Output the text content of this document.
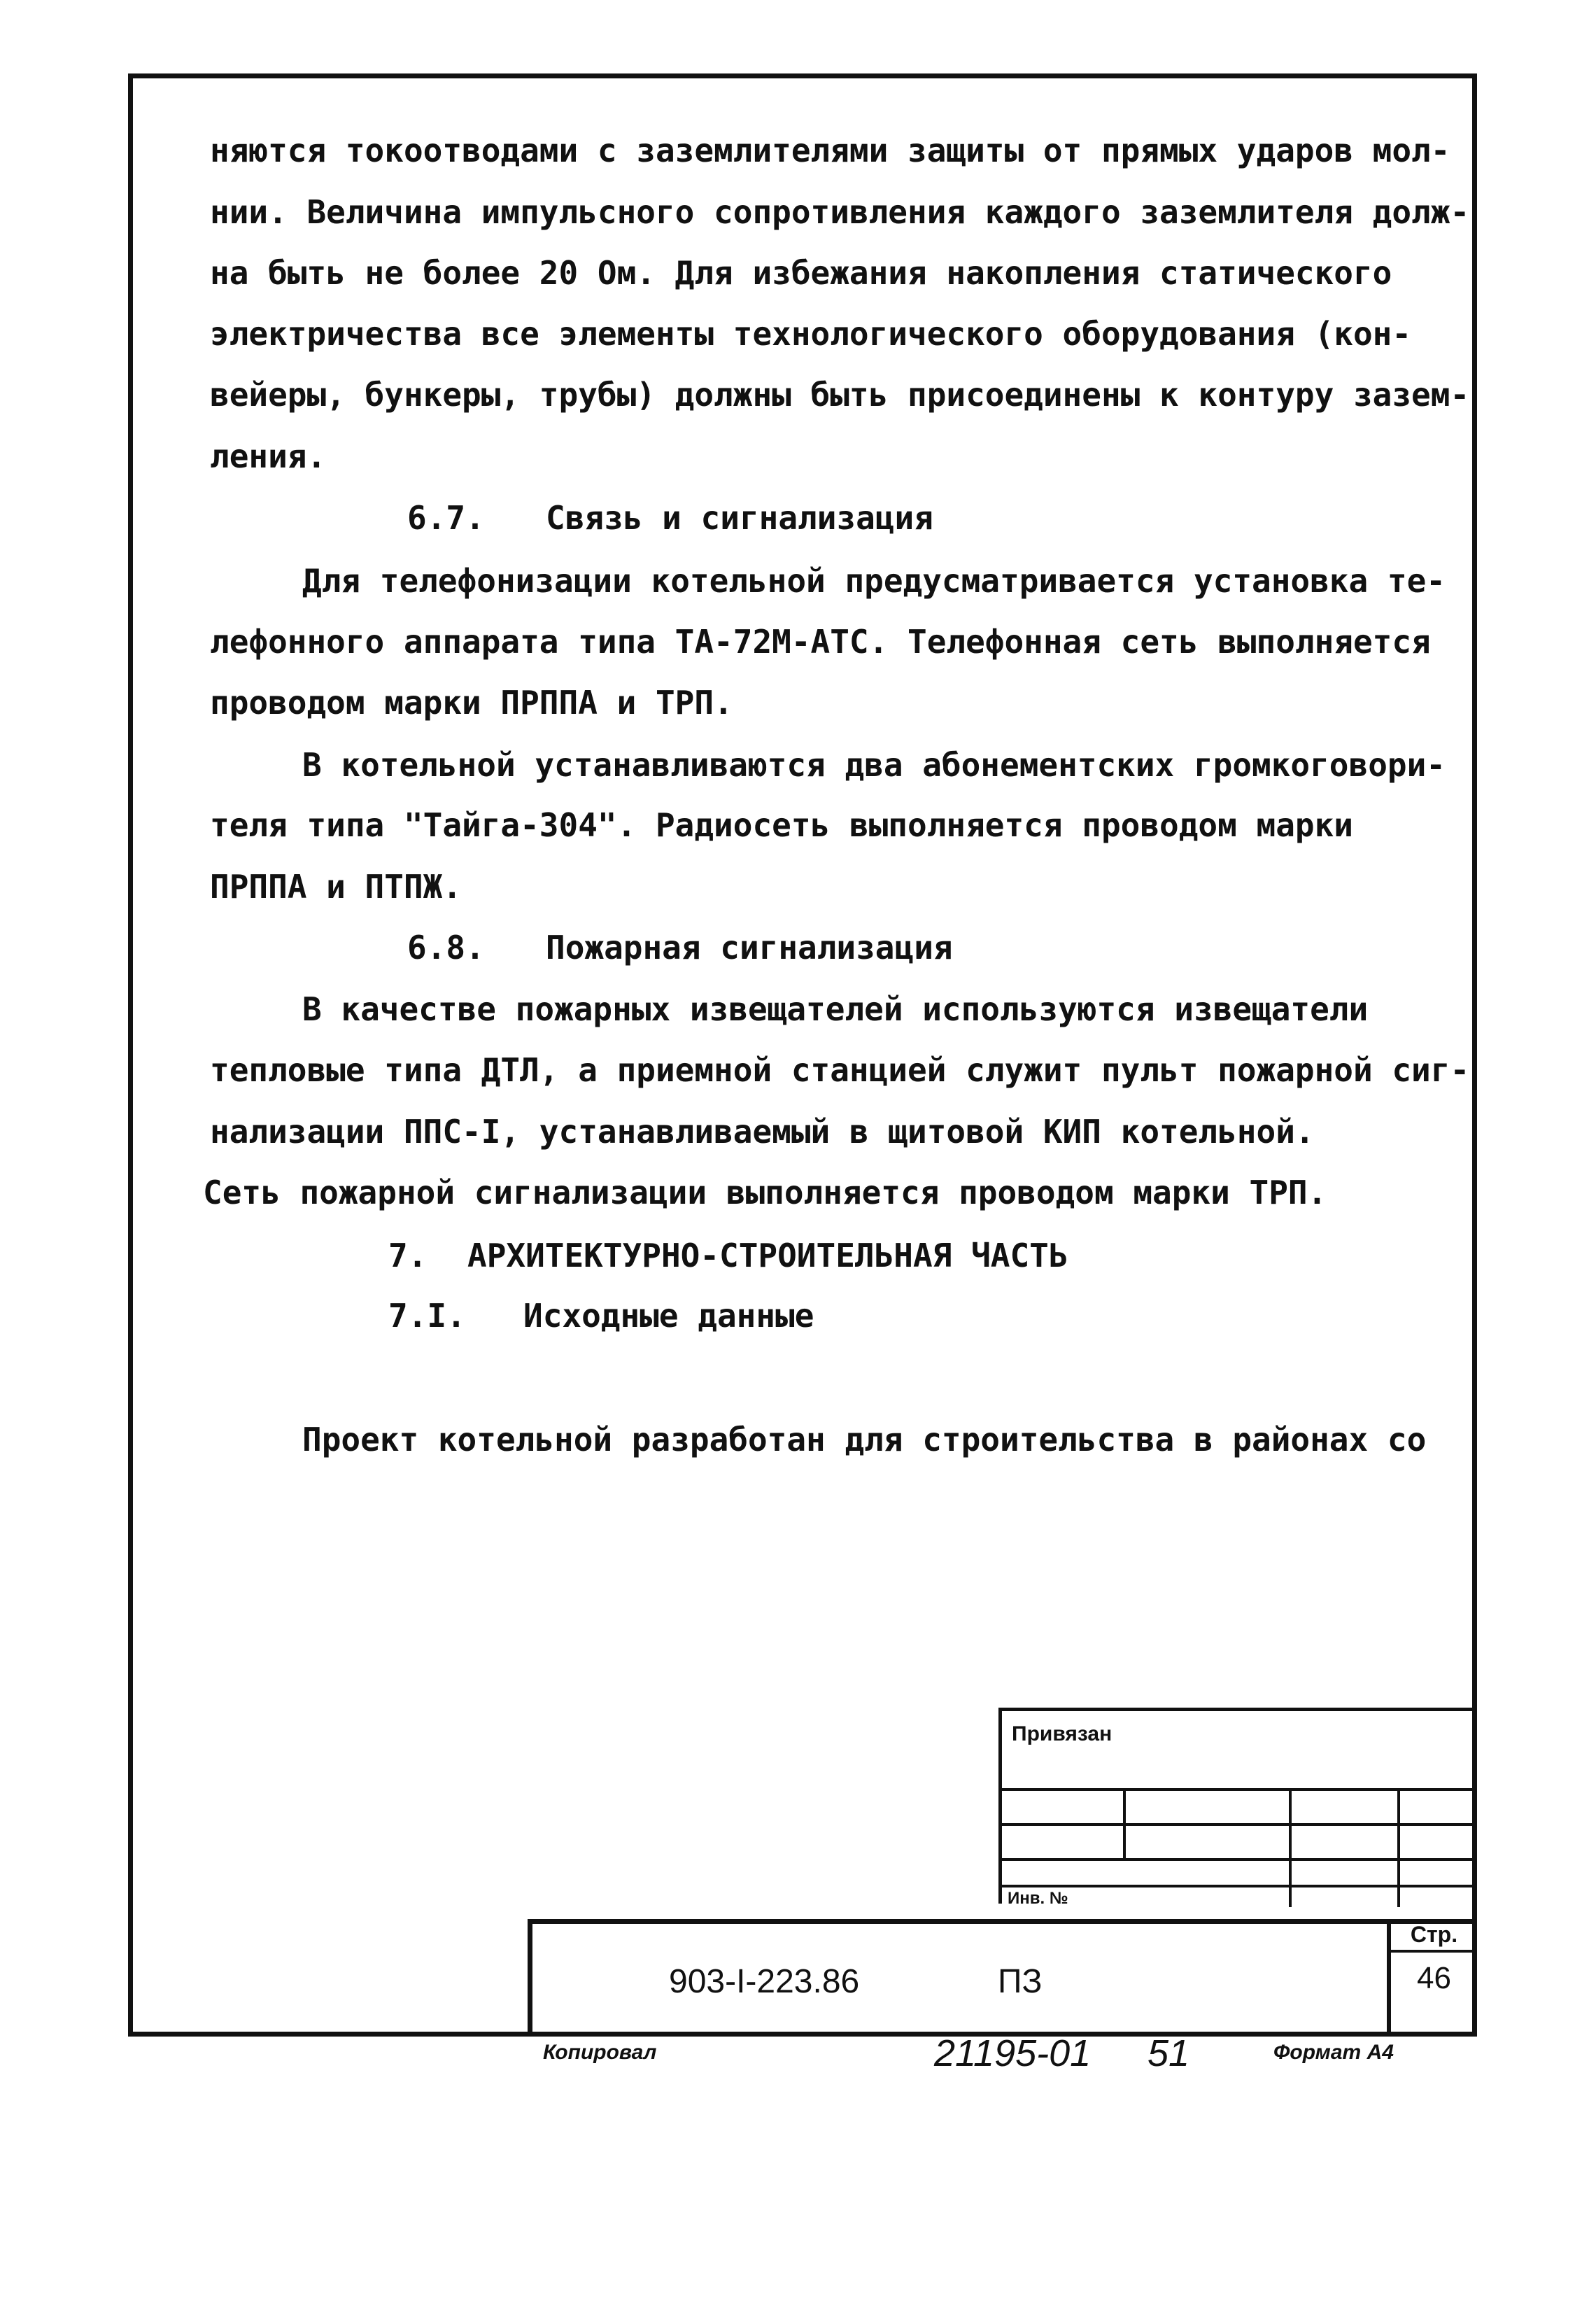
няются токоотводами с заземлителями защиты от прямых ударов мол-
нии. Величина импульсного сопротивления каждого заземлителя долж-
на быть не более 20 Ом. Для избежания накопления статического
электричества все элементы технологического оборудования (кон-
вейеры, бункеры, трубы) должны быть присоединены к контуру зазем-
ления.
6.7. Связь и сигнализация
Для телефонизации котельной предусматривается установка те-
лефонного аппарата типа ТА-72М-АТС. Телефонная сеть выполняется
проводом марки ПРППА и ТРП.
В котельной устанавливаются два абонементских громкоговори-
теля типа "Тайга-304". Радиосеть выполняется проводом марки
ПРППА и ПТПЖ.
6.8. Пожарная сигнализация
В качестве пожарных извещателей используются извещатели
тепловые типа ДТЛ, а приемной станцией служит пульт пожарной сиг-
нализации ППС-I, устанавливаемый в щитовой КИП котельной.
Сеть пожарной сигнализации выполняется проводом марки ТРП.
7. АРХИТЕКТУРНО-СТРОИТЕЛЬНАЯ ЧАСТЬ
7.I. Исходные данные
Проект котельной разработан для строительства в районах со
Привязан
Инв. №
903-I-223.86	ПЗ
Стр.
46
Копировал	21195-01 51	Формат А4
